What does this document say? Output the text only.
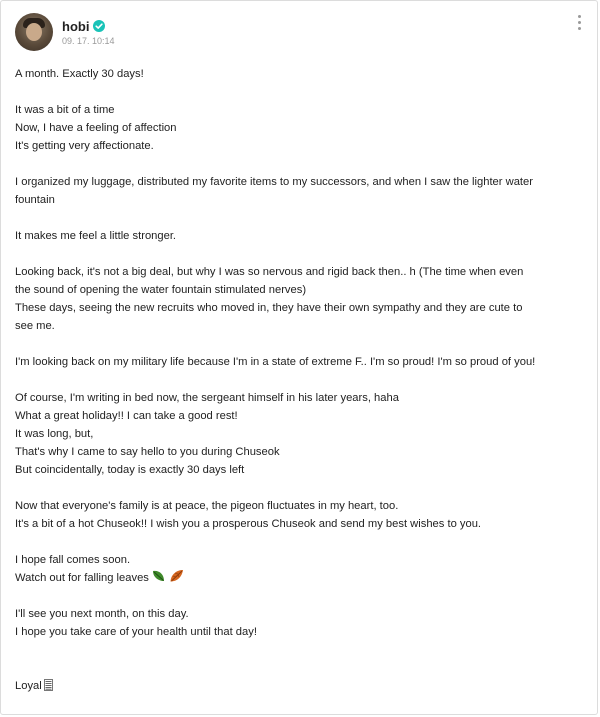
hobi
09. 17. 10:14

A month. Exactly 30 days!

It was a bit of a time

Now, I have a feeling of affection

It's getting very affectionate.

I organized my luggage, distributed my favorite items to my successors, and when I saw the lighter water

fountain

It makes me feel a little stronger.

Looking back, it's not a big deal, but why I was so nervous and rigid back then.. h (The time when even

the sound of opening the water fountain stimulated nerves)

These days, seeing the new recruits who moved in, they have their own sympathy and they are cute to

see me.

I'm looking back on my military life because I'm in a state of extreme F.. I'm so proud! I'm so proud of you!

Of course, I'm writing in bed now, the sergeant himself in his later years, haha

What a great holiday!! I can take a good rest!

It was long, but,

That's why I came to say hello to you during Chuseok

But coincidentally, today is exactly 30 days left

Now that everyone's family is at peace, the pigeon fluctuates in my heart, too.

It's a bit of a hot Chuseok!! I wish you a prosperous Chuseok and send my best wishes to you.

I hope fall comes soon.

Watch out for falling leaves

I'll see you next month, on this day.

I hope you take care of your health until that day!

Loyal
